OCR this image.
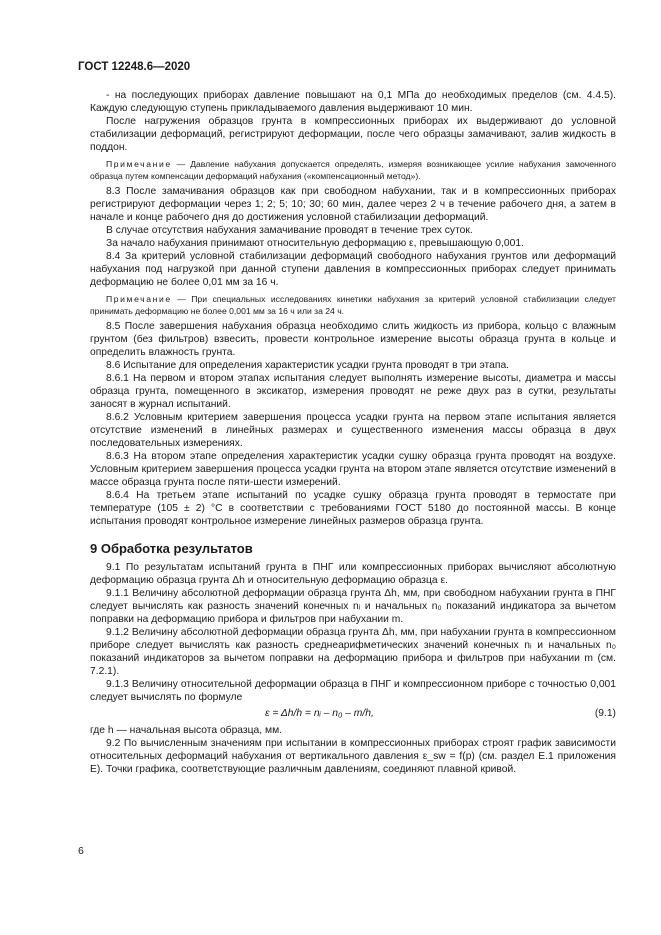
ГОСТ 12248.6—2020

- на последующих приборах давление повышают на 0,1 МПа до необходимых пределов (см. 4.4.5). Каждую следующую ступень прикладываемого давления выдерживают 10 мин.

После нагружения образцов грунта в компрессионных приборах их выдерживают до условной стабилизации деформаций, регистрируют деформации, после чего образцы замачивают, залив жидкость в поддон.

Примечание — Давление набухания допускается определять, измеряя возникающее усилие набухания замоченного образца путем компенсации деформаций набухания («компенсационный метод»).

8.3 После замачивания образцов как при свободном набухании, так и в компрессионных приборах регистрируют деформации через 1; 2; 5; 10; 30; 60 мин, далее через 2 ч в течение рабочего дня, а затем в начале и конце рабочего дня до достижения условной стабилизации деформаций.

В случае отсутствия набухания замачивание проводят в течение трех суток.

За начало набухания принимают относительную деформацию ε, превышающую 0,001.

8.4 За критерий условной стабилизации деформаций свободного набухания грунтов или деформаций набухания под нагрузкой при данной ступени давления в компрессионных приборах следует принимать деформацию не более 0,01 мм за 16 ч.

Примечание — При специальных исследованиях кинетики набухания за критерий условной стабилизации следует принимать деформацию не более 0,001 мм за 16 ч или за 24 ч.

8.5 После завершения набухания образца необходимо слить жидкость из прибора, кольцо с влажным грунтом (без фильтров) взвесить, провести контрольное измерение высоты образца грунта в кольце и определить влажность грунта.

8.6 Испытание для определения характеристик усадки грунта проводят в три этапа.

8.6.1 На первом и втором этапах испытания следует выполнять измерение высоты, диаметра и массы образца грунта, помещенного в эксикатор, измерения проводят не реже двух раз в сутки, результаты заносят в журнал испытаний.

8.6.2 Условным критерием завершения процесса усадки грунта на первом этапе испытания является отсутствие изменений в линейных размерах и существенного изменения массы образца в двух последовательных измерениях.

8.6.3 На втором этапе определения характеристик усадки сушку образца грунта проводят на воздухе. Условным критерием завершения процесса усадки грунта на втором этапе является отсутствие изменений в массе образца грунта после пяти-шести измерений.

8.6.4 На третьем этапе испытаний по усадке сушку образца грунта проводят в термостате при температуре (105 ± 2) °С в соответствии с требованиями ГОСТ 5180 до постоянной массы. В конце испытания проводят контрольное измерение линейных размеров образца грунта.

9 Обработка результатов

9.1 По результатам испытаний грунта в ПНГ или компрессионных приборах вычисляют абсолютную деформацию образца грунта Δh и относительную деформацию образца ε.

9.1.1 Величину абсолютной деформации образца грунта Δh, мм, при свободном набухании грунта в ПНГ следует вычислять как разность значений конечных nᵢ и начальных n₀ показаний индикатора за вычетом поправки на деформацию прибора и фильтров при набухании m.

9.1.2 Величину абсолютной деформации образца грунта Δh, мм, при набухании грунта в компрессионном приборе следует вычислять как разность среднеарифметических значений конечных nᵢ и начальных n₀ показаний индикаторов за вычетом поправки на деформацию прибора и фильтров при набухании m (см. 7.2.1).

9.1.3 Величину относительной деформации образца в ПНГ и компрессионном приборе с точностью 0,001 следует вычислять по формуле

ε = Δh/h = nᵢ – n₀ – m/h,	(9.1)

где h — начальная высота образца, мм.

9.2 По вычисленным значениям при испытании в компрессионных приборах строят график зависимости относительных деформаций набухания от вертикального давления ε_sw = f(p) (см. раздел Е.1 приложения Е). Точки графика, соответствующие различным давлениям, соединяют плавной кривой.

6
